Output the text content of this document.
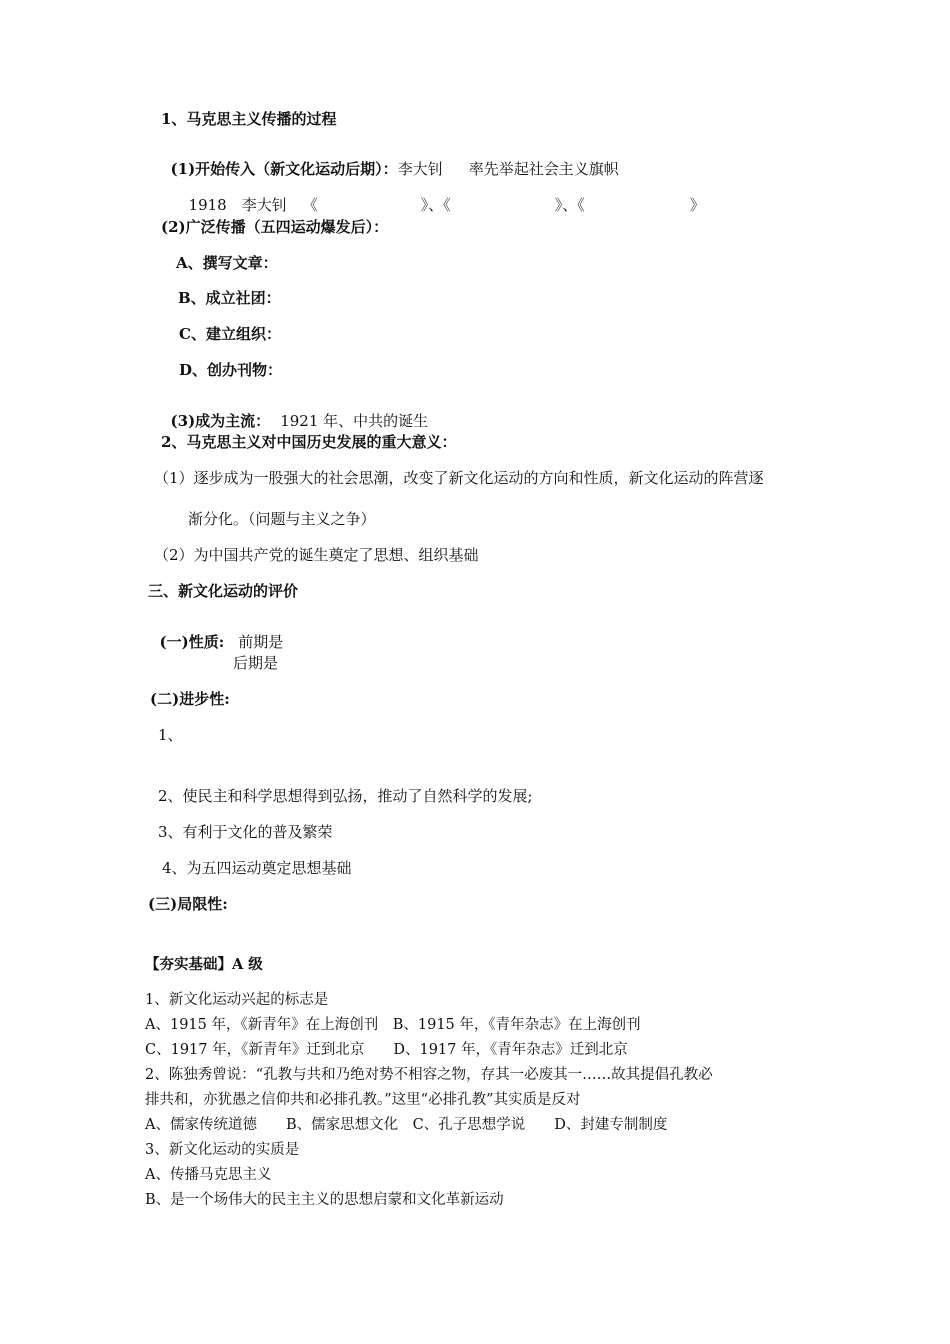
1、马克思主义传播的过程

(1)开始传入（新文化运动后期）：李大钊 率先举起社会主义旗帜

1918 李大钊 《	》、《	》、《	》

(2)广泛传播（五四运动爆发后）：
A、撰写文章：
B、成立社团：
C、建立组织：
D、创办刊物：

(3)成为主流： 1921 年、中共的诞生

2、马克思主义对中国历史发展的重大意义：
（1）逐步成为一股强大的社会思潮，改变了新文化运动的方向和性质，新文化运动的阵营逐
渐分化。（问题与主义之争）
（2）为中国共产党的诞生奠定了思想、组织基础
三、新文化运动的评价

(一)性质: 前期是

后期是
(二)进步性:
1、
2、使民主和科学思想得到弘扬，推动了自然科学的发展;
3、有利于文化的普及繁荣
4、为五四运动奠定思想基础
(三)局限性:
【夯实基础】A 级
1、新文化运动兴起的标志是
A、1915 年，《新青年》在上海创刊　B、1915 年，《青年杂志》在上海创刊
C、1917 年，《新青年》迁到北京　　D、1917 年，《青年杂志》迁到北京
2、陈独秀曾说：“孔教与共和乃绝对势不相容之物，存其一必废其一……故其提倡孔教必
排共和，亦犹愚之信仰共和必排孔教。”这里“必排孔教”其实质是反对
A、儒家传统道德　　B、儒家思想文化　C、孔子思想学说　　D、封建专制制度
3、新文化运动的实质是
A、传播马克思主义
B、是一个场伟大的民主主义的思想启蒙和文化革新运动
